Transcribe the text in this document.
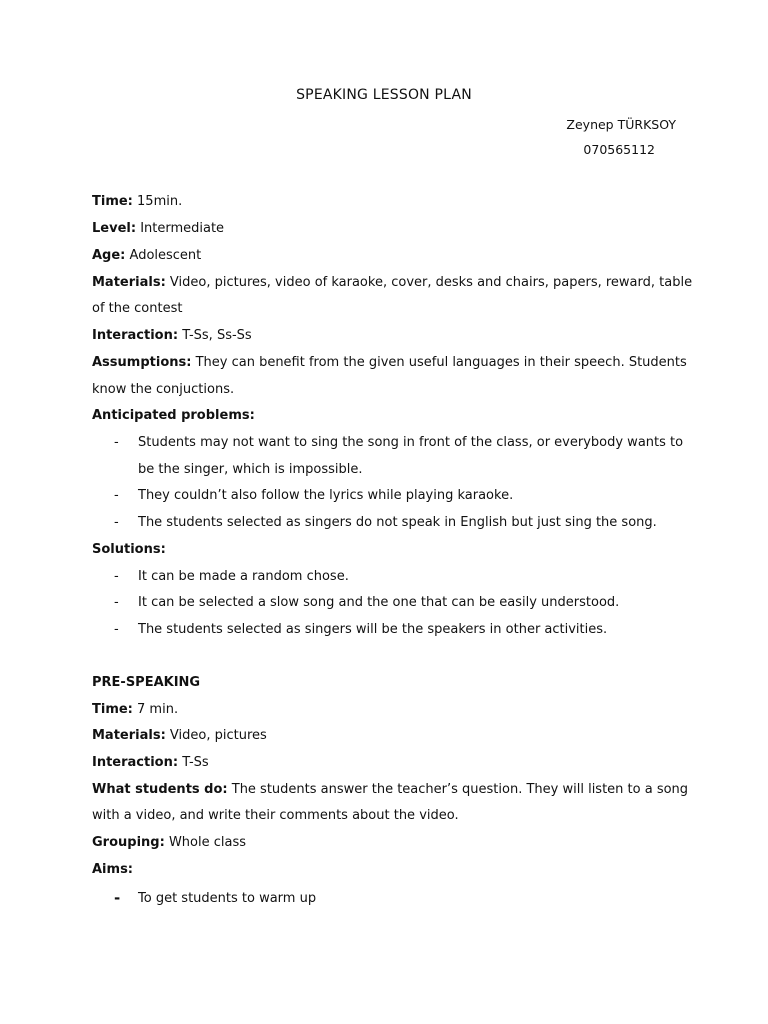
SPEAKING LESSON PLAN
Zeynep TÜRKSOY
070565112
Time: 15min.
Level: Intermediate
Age: Adolescent
Materials: Video, pictures, video of karaoke, cover, desks and chairs, papers, reward, table
of the contest
Interaction: T-Ss, Ss-Ss
Assumptions: They can benefit from the given useful languages in their speech. Students
know the conjuctions.
Anticipated problems:
- Students may not want to sing the song in front of the class, or everybody wants to
be the singer, which is impossible.
- They couldn’t also follow the lyrics while playing karaoke.
- The students selected as singers do not speak in English but just sing the song.
Solutions:
- It can be made a random chose.
- It can be selected a slow song and the one that can be easily understood.
- The students selected as singers will be the speakers in other activities.
PRE-SPEAKING
Time: 7 min.
Materials: Video, pictures
Interaction: T-Ss
What students do: The students answer the teacher’s question. They will listen to a song
with a video, and write their comments about the video.
Grouping: Whole class
Aims:
- To get students to warm up
